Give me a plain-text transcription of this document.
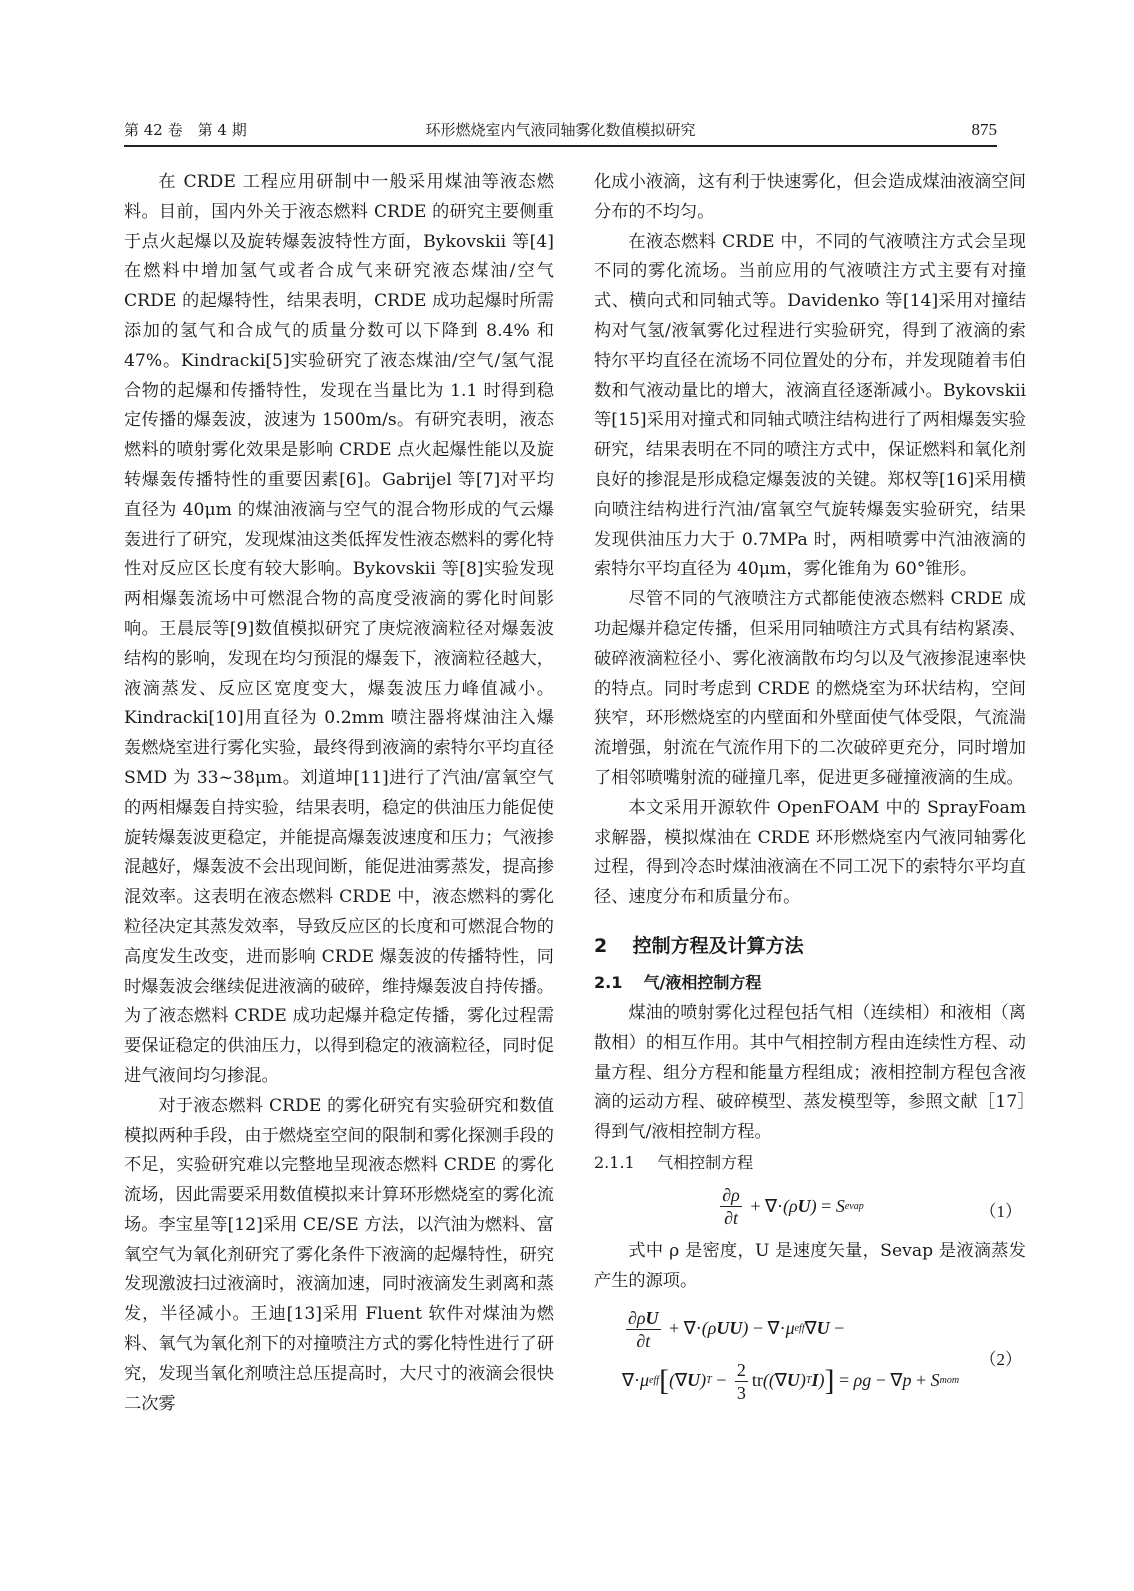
第 42 卷　第 4 期	环形燃烧室内气液同轴雾化数值模拟研究	875

在 CRDE 工程应用研制中一般采用煤油等液态燃料。目前，国内外关于液态燃料 CRDE 的研究主要侧重于点火起爆以及旋转爆轰波特性方面，Bykovskii 等[4]在燃料中增加氢气或者合成气来研究液态煤油/空气 CRDE 的起爆特性，结果表明，CRDE 成功起爆时所需添加的氢气和合成气的质量分数可以下降到 8.4% 和 47%。Kindracki[5]实验研究了液态煤油/空气/氢气混合物的起爆和传播特性，发现在当量比为 1.1 时得到稳定传播的爆轰波，波速为 1500m/s。有研究表明，液态燃料的喷射雾化效果是影响 CRDE 点火起爆性能以及旋转爆轰传播特性的重要因素[6]。Gabrijel 等[7]对平均直径为 40μm 的煤油液滴与空气的混合物形成的气云爆轰进行了研究，发现煤油这类低挥发性液态燃料的雾化特性对反应区长度有较大影响。Bykovskii 等[8]实验发现两相爆轰流场中可燃混合物的高度受液滴的雾化时间影响。王晨辰等[9]数值模拟研究了庚烷液滴粒径对爆轰波结构的影响，发现在均匀预混的爆轰下，液滴粒径越大，液滴蒸发、反应区宽度变大，爆轰波压力峰值减小。Kindracki[10]用直径为 0.2mm 喷注器将煤油注入爆轰燃烧室进行雾化实验，最终得到液滴的索特尔平均直径 SMD 为 33~38μm。刘道坤[11]进行了汽油/富氧空气的两相爆轰自持实验，结果表明，稳定的供油压力能促使旋转爆轰波更稳定，并能提高爆轰波速度和压力；气液掺混越好，爆轰波不会出现间断，能促进油雾蒸发，提高掺混效率。这表明在液态燃料 CRDE 中，液态燃料的雾化粒径决定其蒸发效率，导致反应区的长度和可燃混合物的高度发生改变，进而影响 CRDE 爆轰波的传播特性，同时爆轰波会继续促进液滴的破碎，维持爆轰波自持传播。为了液态燃料 CRDE 成功起爆并稳定传播，雾化过程需要保证稳定的供油压力，以得到稳定的液滴粒径，同时促进气液间均匀掺混。

对于液态燃料 CRDE 的雾化研究有实验研究和数值模拟两种手段，由于燃烧室空间的限制和雾化探测手段的不足，实验研究难以完整地呈现液态燃料 CRDE 的雾化流场，因此需要采用数值模拟来计算环形燃烧室的雾化流场。李宝星等[12]采用 CE/SE 方法，以汽油为燃料、富氧空气为氧化剂研究了雾化条件下液滴的起爆特性，研究发现激波扫过液滴时，液滴加速，同时液滴发生剥离和蒸发，半径减小。王迪[13]采用 Fluent 软件对煤油为燃料、氧气为氧化剂下的对撞喷注方式的雾化特性进行了研究，发现当氧化剂喷注总压提高时，大尺寸的液滴会很快二次雾

化成小液滴，这有利于快速雾化，但会造成煤油液滴空间分布的不均匀。

在液态燃料 CRDE 中，不同的气液喷注方式会呈现不同的雾化流场。当前应用的气液喷注方式主要有对撞式、横向式和同轴式等。Davidenko 等[14]采用对撞结构对气氢/液氧雾化过程进行实验研究，得到了液滴的索特尔平均直径在流场不同位置处的分布，并发现随着韦伯数和气液动量比的增大，液滴直径逐渐减小。Bykovskii 等[15]采用对撞式和同轴式喷注结构进行了两相爆轰实验研究，结果表明在不同的喷注方式中，保证燃料和氧化剂良好的掺混是形成稳定爆轰波的关键。郑权等[16]采用横向喷注结构进行汽油/富氧空气旋转爆轰实验研究，结果发现供油压力大于 0.7MPa 时，两相喷雾中汽油液滴的索特尔平均直径为 40μm，雾化锥角为 60°锥形。

尽管不同的气液喷注方式都能使液态燃料 CRDE 成功起爆并稳定传播，但采用同轴喷注方式具有结构紧凑、破碎液滴粒径小、雾化液滴散布均匀以及气液掺混速率快的特点。同时考虑到 CRDE 的燃烧室为环状结构，空间狭窄，环形燃烧室的内壁面和外壁面使气体受限，气流湍流增强，射流在气流作用下的二次破碎更充分，同时增加了相邻喷嘴射流的碰撞几率，促进更多碰撞液滴的生成。

本文采用开源软件 OpenFOAM 中的 SprayFoam 求解器，模拟煤油在 CRDE 环形燃烧室内气液同轴雾化过程，得到冷态时煤油液滴在不同工况下的索特尔平均直径、速度分布和质量分布。

2 控制方程及计算方法
2.1 气/液相控制方程

煤油的喷射雾化过程包括气相（连续相）和液相（离散相）的相互作用。其中气相控制方程由连续性方程、动量方程、组分方程和能量方程组成；液相控制方程包含液滴的运动方程、破碎模型、蒸发模型等，参照文献［17］得到气/液相控制方程。

2.1.1 气相控制方程
$\frac{\partial\rho}{\partial t}$ + ∇· (ρ U ) = S evap	（1）

式中 ρ 是密度，U 是速度矢量，Sevap 是液滴蒸发产生的源项。

$\frac{\partial\rho U}{\partial t}$ + ∇· (ρ UU ) − ∇· μ eff ∇ U −
∇· μ eff [ ( ∇ U ) $T - \frac{2}{3}$ tr (( ∇ U ) T I ) ] = ρg − ∇ p + S mom
（2）
